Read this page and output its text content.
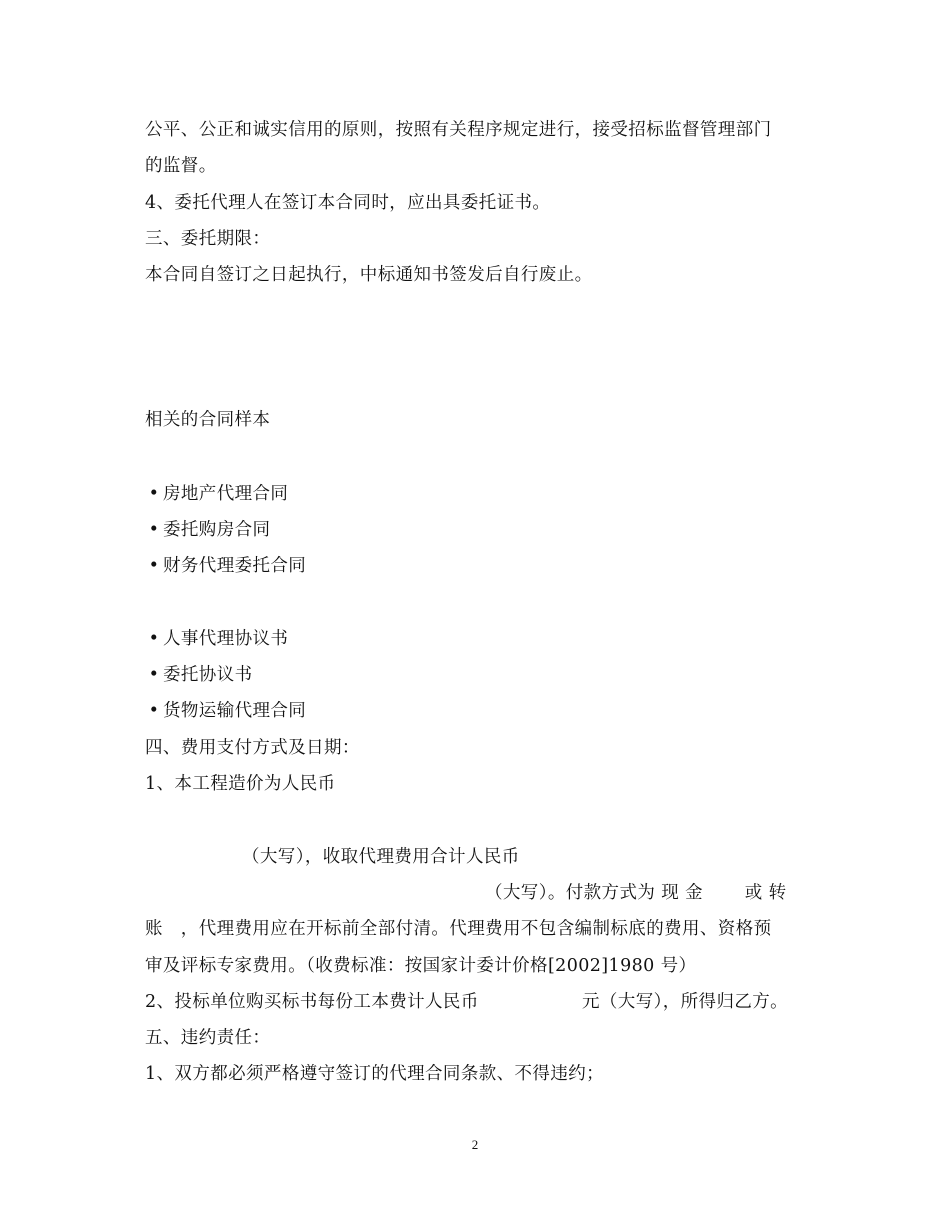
公平、公正和诚实信用的原则，按照有关程序规定进行，接受招标监督管理部门
的监督。
4、委托代理人在签订本合同时，应出具委托证书。
三、委托期限：
本合同自签订之日起执行，中标通知书签发后自行废止。
相关的合同样本
• 房地产代理合同
• 委托购房合同
• 财务代理委托合同
• 人事代理协议书
• 委托协议书
• 货物运输代理合同
四、费用支付方式及日期：
1、本工程造价为人民币
（大写），收取代理费用合计人民币
（大写）。付款方式为 现 金　　 或 转
账　，代理费用应在开标前全部付清。代理费用不包含编制标底的费用、资格预
审及评标专家费用。（收费标准：按国家计委计价格[2002]1980 号）
2、投标单位购买标书每份工本费计人民币	元（大写），所得归乙方。
五、违约责任：
1、双方都必须严格遵守签订的代理合同条款、不得违约；
2
